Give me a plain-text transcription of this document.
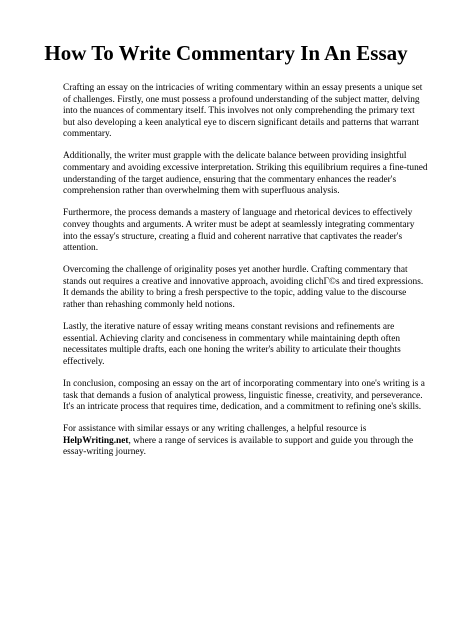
How To Write Commentary In An Essay

Crafting an essay on the intricacies of writing commentary within an essay presents a unique set
of challenges. Firstly, one must possess a profound understanding of the subject matter, delving
into the nuances of commentary itself. This involves not only comprehending the primary text
but also developing a keen analytical eye to discern significant details and patterns that warrant
commentary.

Additionally, the writer must grapple with the delicate balance between providing insightful
commentary and avoiding excessive interpretation. Striking this equilibrium requires a fine-tuned
understanding of the target audience, ensuring that the commentary enhances the reader's
comprehension rather than overwhelming them with superfluous analysis.

Furthermore, the process demands a mastery of language and rhetorical devices to effectively
convey thoughts and arguments. A writer must be adept at seamlessly integrating commentary
into the essay's structure, creating a fluid and coherent narrative that captivates the reader's
attention.

Overcoming the challenge of originality poses yet another hurdle. Crafting commentary that
stands out requires a creative and innovative approach, avoiding clichГ©s and tired expressions.
It demands the ability to bring a fresh perspective to the topic, adding value to the discourse
rather than rehashing commonly held notions.

Lastly, the iterative nature of essay writing means constant revisions and refinements are
essential. Achieving clarity and conciseness in commentary while maintaining depth often
necessitates multiple drafts, each one honing the writer's ability to articulate their thoughts
effectively.

In conclusion, composing an essay on the art of incorporating commentary into one's writing is a
task that demands a fusion of analytical prowess, linguistic finesse, creativity, and perseverance.
It's an intricate process that requires time, dedication, and a commitment to refining one's skills.

For assistance with similar essays or any writing challenges, a helpful resource is
HelpWriting.net, where a range of services is available to support and guide you through the
essay-writing journey.
